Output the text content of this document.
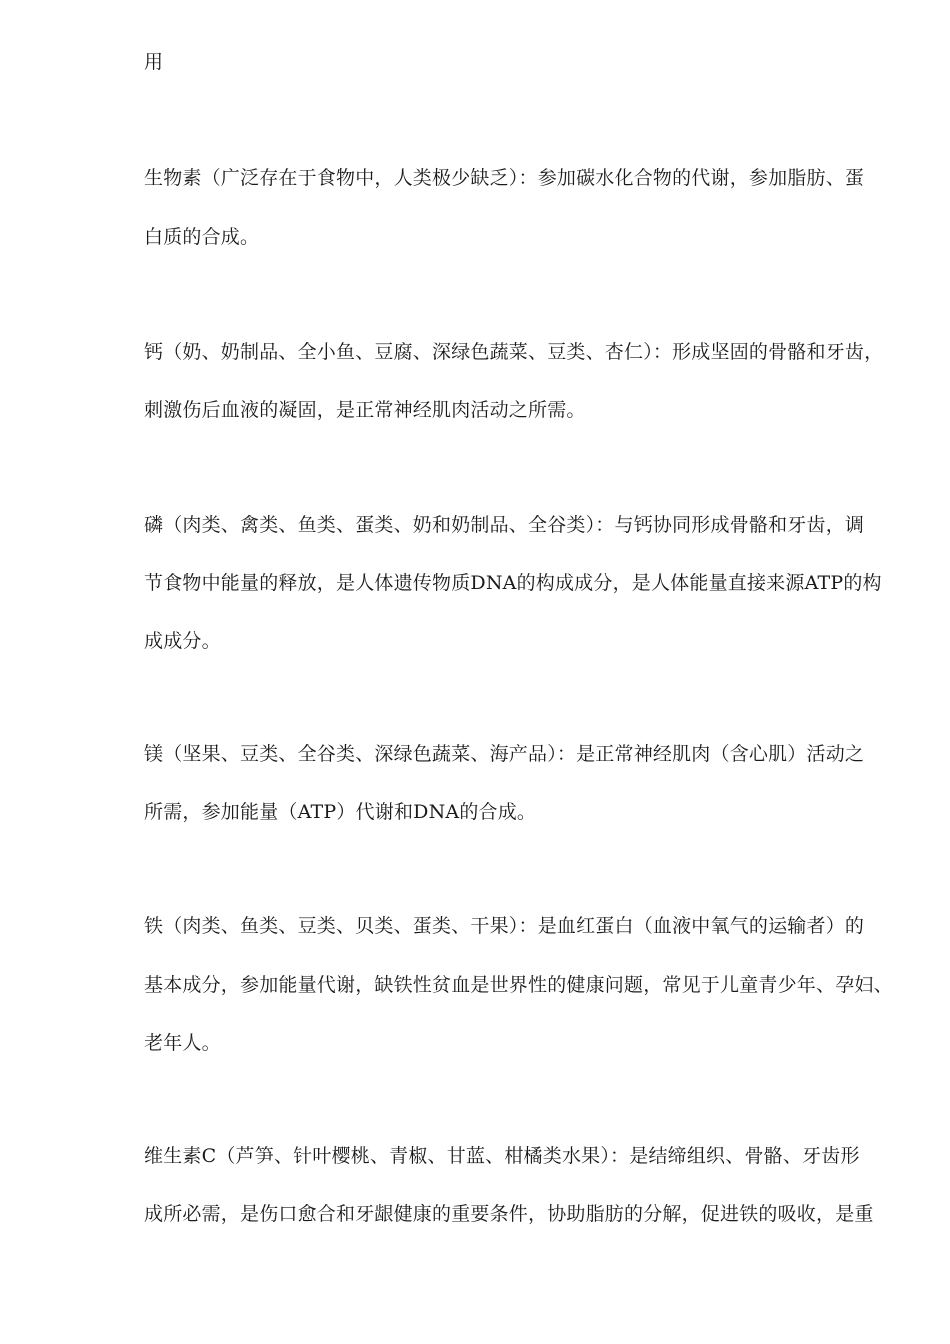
用

生物素（广泛存在于食物中，人类极少缺乏）：参加碳水化合物的代谢，参加脂肪、蛋

白质的合成。

钙（奶、奶制品、全小鱼、豆腐、深绿色蔬菜、豆类、杏仁）：形成坚固的骨骼和牙齿，

刺激伤后血液的凝固，是正常神经肌肉活动之所需。

磷（肉类、禽类、鱼类、蛋类、奶和奶制品、全谷类）：与钙协同形成骨骼和牙齿，调

节食物中能量的释放，是人体遗传物质DNA的构成成分，是人体能量直接来源ATP的构

成成分。

镁（坚果、豆类、全谷类、深绿色蔬菜、海产品）：是正常神经肌肉（含心肌）活动之

所需，参加能量（ATP）代谢和DNA的合成。

铁（肉类、鱼类、豆类、贝类、蛋类、干果）：是血红蛋白（血液中氧气的运输者）的

基本成分，参加能量代谢，缺铁性贫血是世界性的健康问题，常见于儿童青少年、孕妇、

老年人。

维生素C（芦笋、针叶樱桃、青椒、甘蓝、柑橘类水果）：是结缔组织、骨骼、牙齿形

成所必需，是伤口愈合和牙龈健康的重要条件，协助脂肪的分解，促进铁的吸收，是重
